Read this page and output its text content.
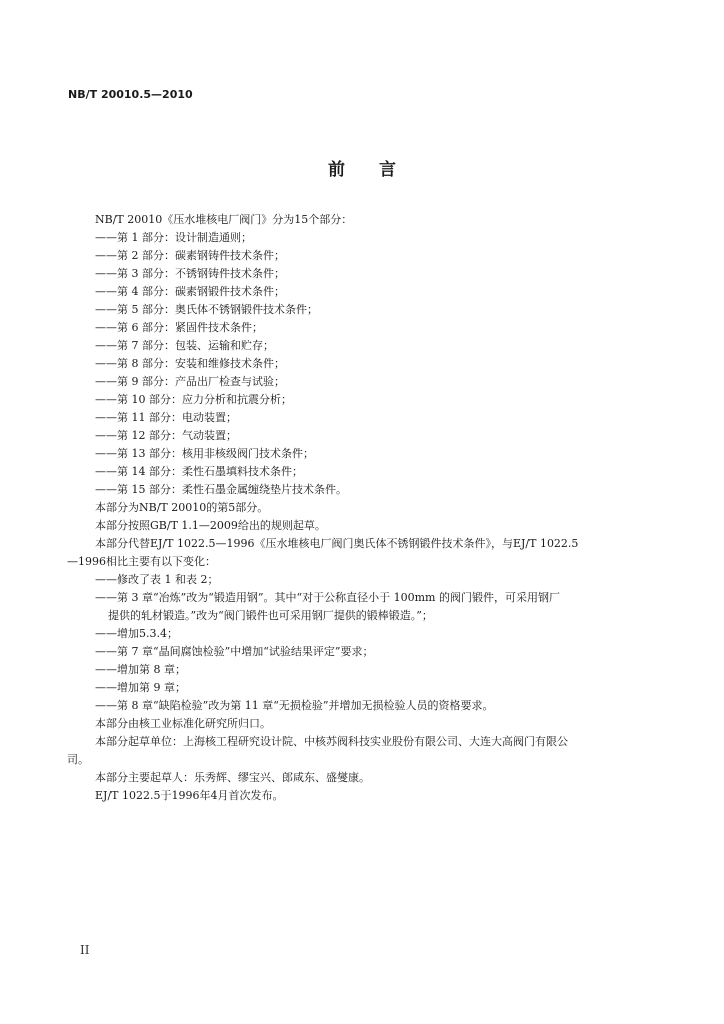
NB/T 20010.5—2010
前 言
NB/T 20010《压水堆核电厂阀门》分为15个部分：
——第 1 部分：设计制造通则；
——第 2 部分：碳素钢铸件技术条件；
——第 3 部分：不锈钢铸件技术条件；
——第 4 部分：碳素钢锻件技术条件；
——第 5 部分：奥氏体不锈钢锻件技术条件；
——第 6 部分：紧固件技术条件；
——第 7 部分：包装、运输和贮存；
——第 8 部分：安装和维修技术条件；
——第 9 部分：产品出厂检查与试验；
——第 10 部分：应力分析和抗震分析；
——第 11 部分：电动装置；
——第 12 部分：气动装置；
——第 13 部分：核用非核级阀门技术条件；
——第 14 部分：柔性石墨填料技术条件；
——第 15 部分：柔性石墨金属缠绕垫片技术条件。
本部分为NB/T 20010的第5部分。
本部分按照GB/T 1.1—2009给出的规则起草。
本部分代替EJ/T 1022.5—1996《压水堆核电厂阀门奥氏体不锈钢锻件技术条件》，与EJ/T 1022.5
—1996相比主要有以下变化：
——修改了表 1 和表 2；
——第 3 章“冶炼”改为“锻造用钢”。其中“对于公称直径小于 100mm 的阀门锻件，可采用钢厂
提供的轧材锻造。”改为“阀门锻件也可采用钢厂提供的锻棒锻造。”；
——增加5.3.4；
——第 7 章“晶间腐蚀检验”中增加“试验结果评定”要求；
——增加第 8 章；
——增加第 9 章；
——第 8 章“缺陷检验”改为第 11 章“无损检验”并增加无损检验人员的资格要求。
本部分由核工业标准化研究所归口。
本部分起草单位：上海核工程研究设计院、中核苏阀科技实业股份有限公司、大连大高阀门有限公
司。
本部分主要起草人：乐秀辉、缪宝兴、郎咸东、盛燮康。
EJ/T 1022.5于1996年4月首次发布。
II
